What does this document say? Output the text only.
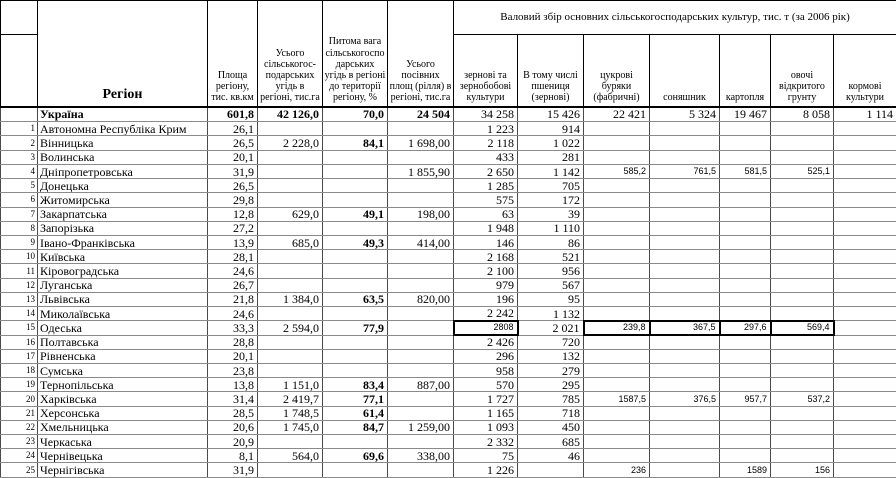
	Регіон	Площа регіону, тис. кв.км	Усього сільськогос-подарських угідь в регіоні, тис.га	Питома вага сільськогосподарських угідь в регіоні до території регіону, %	Усього посівних площ (рілля) в регіоні, тис.га	Валовий збір основних сільськогосподарських культур, тис. т (за 2006 рік)						
						зернові та зернобобові культури	В тому числі пшениця (зернові)	цукрові буряки (фабричні)	соняшник	картопля	овочі відкритого грунту	кормові культури
	Україна	601,8	42 126,0	70,0	24 504	34 258	15 426	22 421	5 324	19 467	8 058	1 114
1	Автономна Республіка Крим	26,1				1 223	914					
2	Вінницька	26,5	2 228,0	84,1	1 698,00	2 118	1 022					
3	Волинська	20,1				433	281					
4	Дніпропетровська	31,9			1 855,90	2 650	1 142	585,2	761,5	581,5	525,1	
5	Донецька	26,5				1 285	705					
6	Житомирська	29,8				575	172					
7	Закарпатська	12,8	629,0	49,1	198,00	63	39					
8	Запорізька	27,2				1 948	1 110					
9	Івано-Франківська	13,9	685,0	49,3	414,00	146	86					
10	Київська	28,1				2 168	521					
11	Кіровоградська	24,6				2 100	956					
12	Луганська	26,7				979	567					
13	Львівська	21,8	1 384,0	63,5	820,00	196	95					
14	Миколаївська	24,6				2 242	1 132					
15	Одеська	33,3	2 594,0	77,9		2808	2 021	239,8	367,5	297,6	569,4	
16	Полтавська	28,8				2 426	720					
17	Рівненська	20,1				296	132					
18	Сумська	23,8				958	279					
19	Тернопільська	13,8	1 151,0	83,4	887,00	570	295					
20	Харківська	31,4	2 419,7	77,1		1 727	785	1587,5	376,5	957,7	537,2	
21	Херсонська	28,5	1 748,5	61,4		1 165	718					
22	Хмельницька	20,6	1 745,0	84,7	1 259,00	1 093	450					
23	Черкаська	20,9				2 332	685					
24	Чернівецька	8,1	564,0	69,6	338,00	75	46					
25	Чернігівська	31,9				1 226		236		1589	156	
